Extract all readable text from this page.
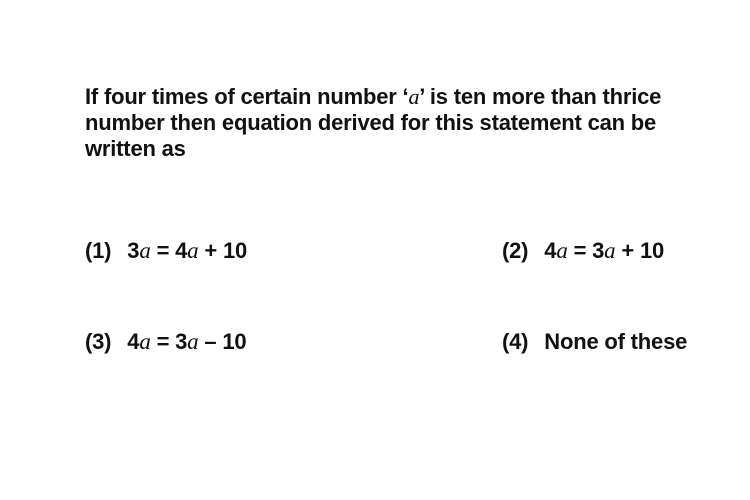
If four times of certain number ‘a’ is ten more than thrice number then equation derived for this statement can be written as
(1) 3a = 4a + 10	(2) 4a = 3a + 10
(3) 4a = 3a – 10	(4) None of these
